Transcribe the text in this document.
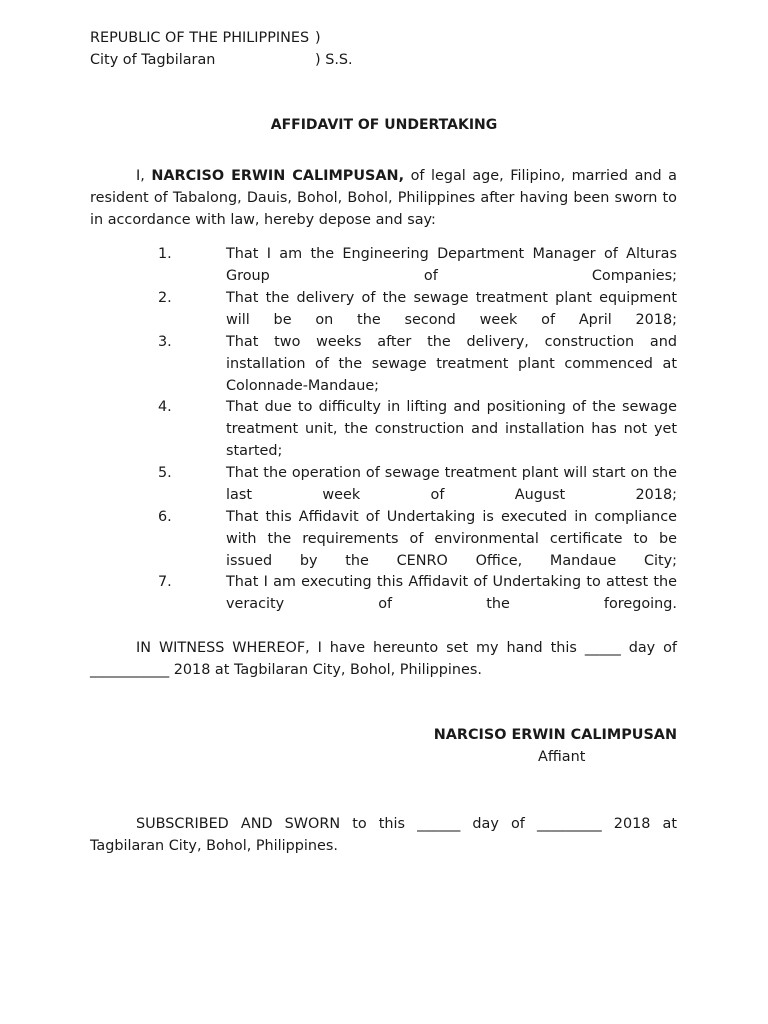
REPUBLIC OF THE PHILIPPINES )
City of Tagbilaran	) S.S.
AFFIDAVIT OF UNDERTAKING
I, NARCISO ERWIN CALIMPUSAN, of legal age, Filipino, married and a resident of Tabalong, Dauis, Bohol, Bohol, Philippines after having been sworn to in accordance with law, hereby depose and say:
1.	That I am the Engineering Department Manager of Alturas Group of Companies;
2.	That the delivery of the sewage treatment plant equipment will be on the second week of April 2018;
3.	That two weeks after the delivery, construction and installation of the sewage treatment plant commenced at Colonnade-Mandaue;
4.	That due to difficulty in lifting and positioning of the sewage treatment unit, the construction and installation has not yet started;
5.	That the operation of sewage treatment plant will start on the last week of August 2018;
6.	That this Affidavit of Undertaking is executed in compliance with the requirements of environmental certificate to be issued by the CENRO Office, Mandaue City;
7.	That I am executing this Affidavit of Undertaking to attest the veracity of the foregoing.
IN WITNESS WHEREOF, I have hereunto set my hand this _____ day of ___________ 2018 at Tagbilaran City, Bohol, Philippines.
NARCISO ERWIN CALIMPUSAN
Affiant
SUBSCRIBED AND SWORN to this ______ day of _________ 2018 at Tagbilaran City, Bohol, Philippines.
